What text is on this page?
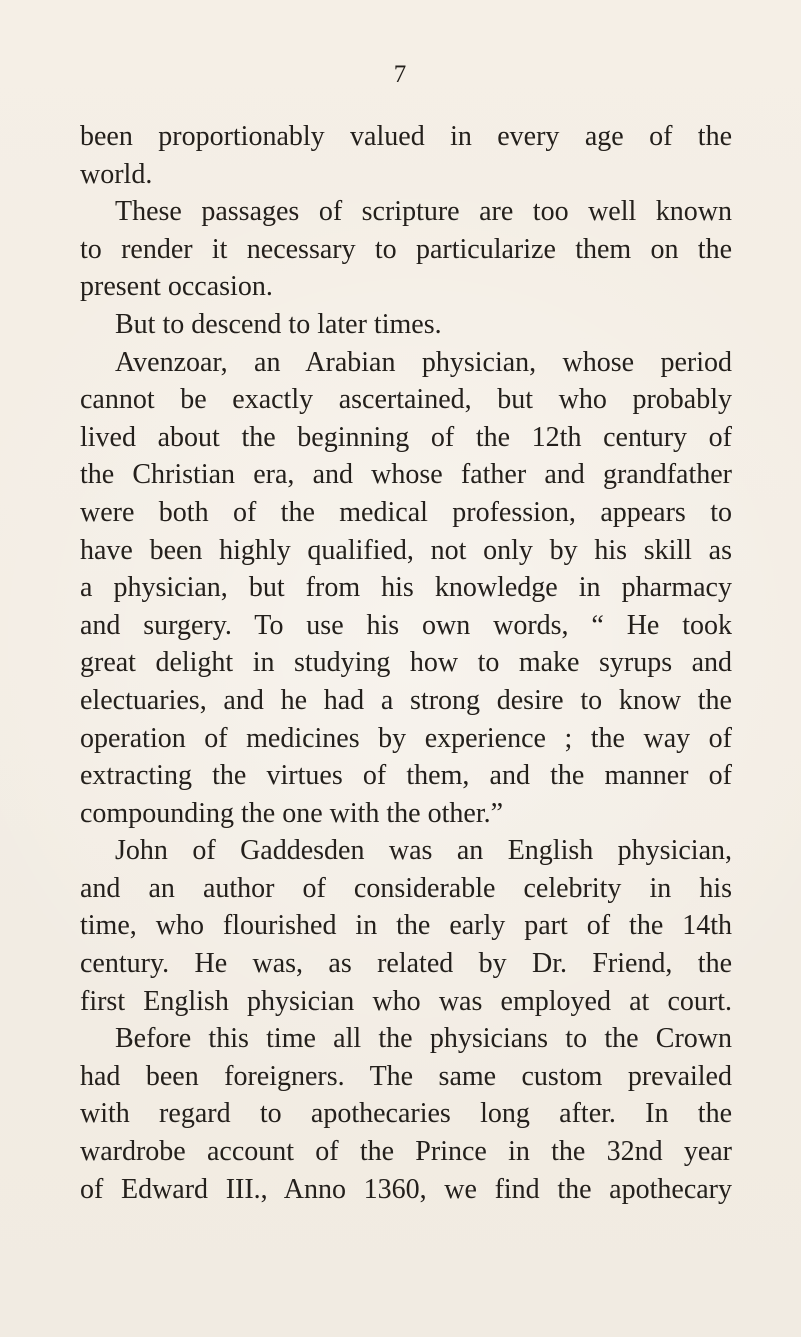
7
been proportionably valued in every age of the
world.
These passages of scripture are too well known
to render it necessary to particularize them on the
present occasion.
But to descend to later times.
Avenzoar, an Arabian physician, whose period
cannot be exactly ascertained, but who probably
lived about the beginning of the 12th century of
the Christian era, and whose father and grandfather
were both of the medical profession, appears to
have been highly qualified, not only by his skill as
a physician, but from his knowledge in pharmacy
and surgery. To use his own words, “ He took
great delight in studying how to make syrups and
electuaries, and he had a strong desire to know the
operation of medicines by experience ; the way of
extracting the virtues of them, and the manner of
compounding the one with the other.”
John of Gaddesden was an English physician,
and an author of considerable celebrity in his
time, who flourished in the early part of the 14th
century. He was, as related by Dr. Friend, the
first English physician who was employed at court.
Before this time all the physicians to the Crown
had been foreigners. The same custom prevailed
with regard to apothecaries long after. In the
wardrobe account of the Prince in the 32nd year
of Edward III., Anno 1360, we find the apothecary
